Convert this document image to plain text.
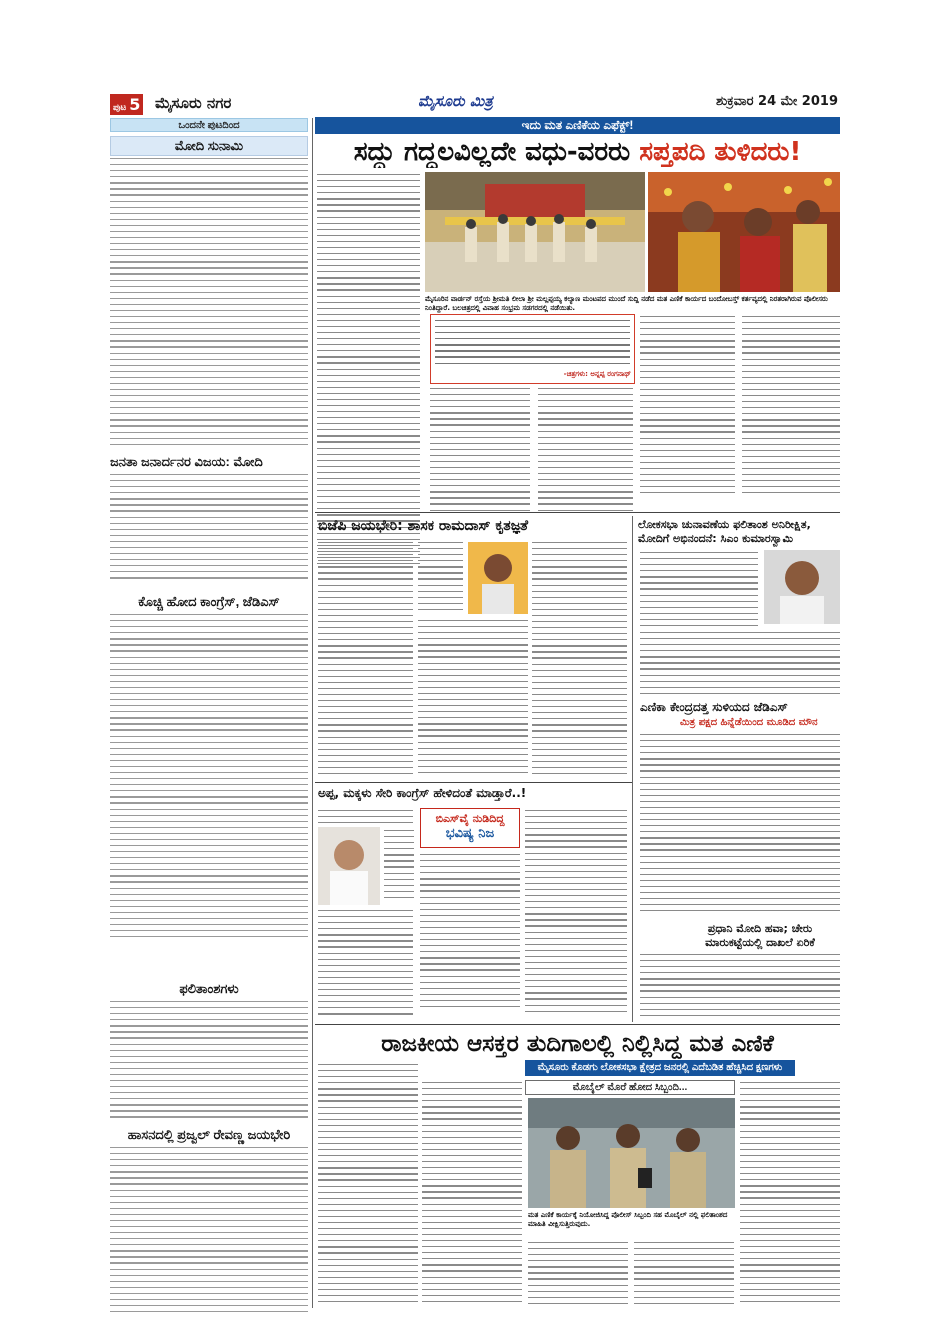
ಪುಟ 5 ಮೈಸೂರು ನಗರ	ಮೈಸೂರು ಮಿತ್ರ	ಶುಕ್ರವಾರ 24 ಮೇ 2019
ಒಂದನೇ ಪುಟದಿಂದ
ಮೋದಿ ಸುನಾಮಿ
ಜನತಾ ಜನಾರ್ದನರ ವಿಜಯ: ಮೋದಿ
ಕೊಚ್ಚಿ ಹೋದ ಕಾಂಗ್ರೆಸ್, ಜೆಡಿಎಸ್
ಫಲಿತಾಂಶಗಳು
ಹಾಸನದಲ್ಲಿ ಪ್ರಜ್ವಲ್ ರೇವಣ್ಣ ಜಯಭೇರಿ
ಇದು ಮತ ಎಣಿಕೆಯ ಎಫೆಕ್ಟ್!
ಸದ್ದು ಗದ್ದಲವಿಲ್ಲದೇ ವಧು-ವರರು ಸಪ್ತಪದಿ ತುಳಿದರು!
ಮೈಸೂರಿನ ವಾರ್ಡನ್ ರಸ್ತೆಯ ಶ್ರೀಮತಿ ಲೀಲಾ ಶ್ರೀ ಮಲ್ಲಪ್ಪಯ್ಯ ಕಲ್ಯಾಣ ಮಂಟಪದ ಮುಂದೆ ಸುದ್ದಿ ನಡೆದ ಮತ ಎಣಿಕೆ ಕಾರ್ಯದ ಬಂದೋಬಸ್ತ್ ಕರ್ತವ್ಯದಲ್ಲಿ ನಿರತರಾಗಿರುವ ಪೊಲೀಸರು ನಿಂತಿದ್ದಾರೆ. ಬಲಚಿತ್ರದಲ್ಲಿ ವಿವಾಹ ಸಂಭ್ರಮ ಸಡಗರದಲ್ಲಿ ನಡೆಯಿತು.
-ಚಿತ್ರಗಳು: ಅನ್ನಪ್ಪ ರಂಗನಾಥ್
ಬಿಜೆಪಿ ಜಯಭೇರಿ: ಶಾಸಕ ರಾಮದಾಸ್ ಕೃತಜ್ಞತೆ	ಲೋಕಸಭಾ ಚುನಾವಣೆಯ ಫಲಿತಾಂಶ ಅನಿರೀಕ್ಷಿತ,
ಮೋದಿಗೆ ಅಭಿನಂದನೆ: ಸಿಎಂ ಕುಮಾರಸ್ವಾಮಿ
ಎಣಿಕಾ ಕೇಂದ್ರದತ್ತ ಸುಳಿಯದ ಜೆಡಿಎಸ್
ಮಿತ್ರ ಪಕ್ಷದ ಹಿನ್ನೆಡೆಯಿಂದ ಮೂಡಿದ ಮೌನ
ಪ್ರಧಾನಿ ಮೋದಿ ಹವಾ; ಚೇರು
ಮಾರುಕಟ್ಟೆಯಲ್ಲಿ ದಾಖಲೆ ಏರಿಕೆ
ಅಪ್ಪ, ಮಕ್ಕಳು ಸೇರಿ ಕಾಂಗ್ರೆಸ್ ಹೇಳಿದಂತೆ ಮಾಡ್ತಾರೆ..!
ಬಿಎಸ್‌ವೈ ನುಡಿದಿದ್ದ
ಭವಿಷ್ಯ ನಿಜ
ರಾಜಕೀಯ ಆಸಕ್ತರ ತುದಿಗಾಲಲ್ಲಿ ನಿಲ್ಲಿಸಿದ್ದ ಮತ ಎಣಿಕೆ
ಮೈಸೂರು ಕೊಡಗು ಲೋಕಸಭಾ ಕ್ಷೇತ್ರದ ಜನರಲ್ಲಿ ಎದೆಬಡಿತ ಹೆಚ್ಚಿಸಿದ ಕ್ಷಣಗಳು
ಮೊಬೈಲ್ ಮೊರೆ ಹೋದ ಸಿಬ್ಬಂದಿ...
ಮತ ಎಣಿಕೆ ಕಾರ್ಯಕ್ಕೆ ನಿಯೋಜಿಸಿದ್ದ ಪೊಲೀಸ್ ಸಿಬ್ಬಂದಿ ಸಹ ಮೊಬೈಲ್ ನಲ್ಲಿ ಫಲಿತಾಂಶದ ಮಾಹಿತಿ ವೀಕ್ಷಿಸುತ್ತಿರುವುದು.
